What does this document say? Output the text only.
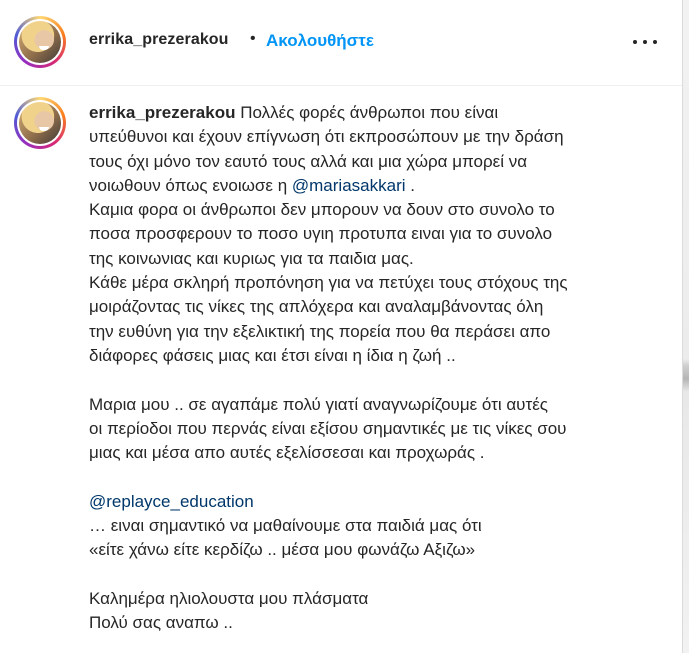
errika_prezerakou • Ακολουθήστε
errika_prezerakou Πολλές φορές άνθρωποι που είναι
υπεύθυνοι και έχουν επίγνωση ότι εκπροσώπουν με την δράση
τους όχι μόνο τον εαυτό τους αλλά και μια χώρα μπορεί να
νοιωθουν όπως ενοιωσε η @mariasakkari .
Καμια φορα οι άνθρωποι δεν μπορουν να δουν στο συνολο το
ποσα προσφερουν το ποσο υγιη προτυπα ειναι για το συνολο
της κοινωνιας και κυριως για τα παιδια μας.
Κάθε μέρα σκληρή προπόνηση για να πετύχει τους στόχους της
μοιράζοντας τις νίκες της απλόχερα και αναλαμβάνοντας όλη
την ευθύνη για την εξελικτική της πορεία που θα περάσει απο
διάφορες φάσεις μιας και έτσι είναι η ίδια η ζωή ..
Μαρια μου .. σε αγαπάμε πολύ γιατί αναγνωρίζουμε ότι αυτές
οι περίοδοι που περνάς είναι εξίσου σημαντικές με τις νίκες σου
μιας και μέσα απο αυτές εξελίσσεσαι και προχωράς .
@replayce_education
… ειναι σημαντικό να μαθαίνουμε στα παιδιά μας ότι
«είτε χάνω είτε κερδίζω .. μέσα μου φωνάζω Αξιζω»
Καλημέρα ηλιολουστα μου πλάσματα
Πολύ σας αναπω ..
